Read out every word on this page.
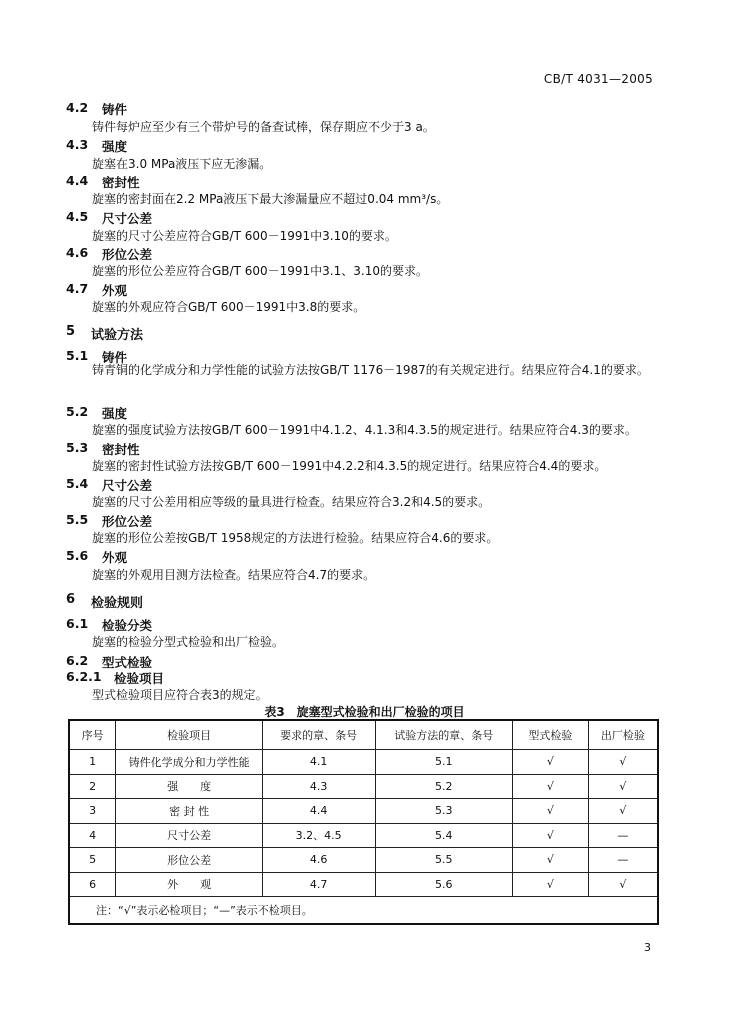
CB/T 4031—2005
4.2 铸件
铸件每炉应至少有三个带炉号的备查试棒，保存期应不少于3 a。
4.3 强度
旋塞在3.0 MPa液压下应无渗漏。
4.4 密封性
旋塞的密封面在2.2 MPa液压下最大渗漏量应不超过0.04 mm³/s。
4.5 尺寸公差
旋塞的尺寸公差应符合GB/T 600－1991中3.10的要求。
4.6 形位公差
旋塞的形位公差应符合GB/T 600－1991中3.1、3.10的要求。
4.7 外观
旋塞的外观应符合GB/T 600－1991中3.8的要求。
5 试验方法
5.1 铸件
铸青铜的化学成分和力学性能的试验方法按GB/T 1176－1987的有关规定进行。结果应符合4.1的要求。
5.2 强度
旋塞的强度试验方法按GB/T 600－1991中4.1.2、4.1.3和4.3.5的规定进行。结果应符合4.3的要求。
5.3 密封性
旋塞的密封性试验方法按GB/T 600－1991中4.2.2和4.3.5的规定进行。结果应符合4.4的要求。
5.4 尺寸公差
旋塞的尺寸公差用相应等级的量具进行检查。结果应符合3.2和4.5的要求。
5.5 形位公差
旋塞的形位公差按GB/T 1958规定的方法进行检验。结果应符合4.6的要求。
5.6 外观
旋塞的外观用目测方法检查。结果应符合4.7的要求。
6 检验规则
6.1 检验分类
旋塞的检验分型式检验和出厂检验。
6.2 型式检验
6.2.1 检验项目
型式检验项目应符合表3的规定。
表3　旋塞型式检验和出厂检验的项目
序号	检验项目	要求的章、条号	试验方法的章、条号	型式检验	出厂检验
1	铸件化学成分和力学性能	4.1	5.1	√	√
2	强　　度	4.3	5.2	√	√
3	密 封 性	4.4	5.3	√	√
4	尺寸公差	3.2、4.5	5.4	√	—
5	形位公差	4.6	5.5	√	—
6	外　　观	4.7	5.6	√	√
注：“√”表示必检项目；“—”表示不检项目。					
3
